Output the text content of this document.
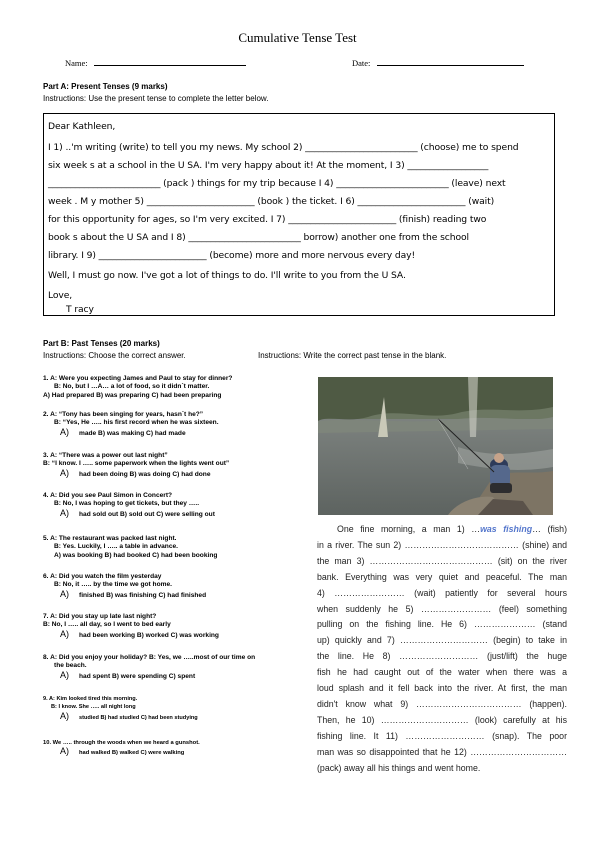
Cumulative Tense Test
Name:	Date:
Part A: Present Tenses (9 marks)
Instructions: Use the present tense to complete the letter below.
Dear Kathleen,
I 1) ..'m writing (write) to tell you my news. My school 2) _________________________ (choose) me to spend
six week s at a school in the U SA. I'm very happy about it! At the moment, I 3) __________________
_________________________ (pack ) things for my trip because I 4) _________________________ (leave) next
week . M y mother 5) ________________________ (book ) the ticket. I 6) ________________________ (wait)
for this opportunity for ages, so I'm very excited. I 7) ________________________ (finish) reading two
book s about the U SA and I 8) _________________________ borrow) another one from the school
library. I 9) ________________________ (become) more and more nervous every day!
Well, I must go now. I've got a lot of things to do. I'll write to you from the U SA.
Love,
T racy
Part B: Past Tenses (20 marks)
Instructions: Choose the correct answer.	Instructions: Write the correct past tense in the blank.
1. A: Were you expecting James and Paul to stay for dinner?
B: No, but I …A… a lot of food, so it didn´t matter.
A) Had prepared B) was preparing C) had been preparing
2. A: “Tony has been singing for years, hasn´t he?”
B: “Yes, He ….. his first record when he was sixteen.
A) made B) was making C) had made
3. A: “There was a power out last night”
B: “I know. I ….. some paperwork when the lights went out”
A) had been doing B) was doing C) had done
4. A: Did you see Paul Simon in Concert?
B: No, I was hoping to get tickets, but they …..
A) had sold out B) sold out C) were selling out
5. A: The restaurant was packed last night.
B: Yes. Luckily, I ….. a table in advance.
A) was booking B) had booked C) had been booking
6. A: Did you watch the film yesterday
B: No, it ….. by the time we got home.
A) finished B) was finishing C) had finished
7. A: Did you stay up late last night?
B: No, I ….. all day, so I went to bed early
A) had been working B) worked C) was working
8. A: Did you enjoy your holiday? B: Yes, we …..most of our time on
the beach.
A) had spent B) were spending C) spent
9. A: Kim looked tired this morning.
B: I know. She ….. all night long
A) studied B) had studied C) had been studying
10. We ….. through the woods when we heard a gunshot.
A) had walked B) walked C) were walking
One fine morning, a man 1) …was fishing… (fish)
in a river. The sun 2) ………………………………… (shine) and
the man 3) …………………………………… (sit) on the river
bank. Everything was very quiet and peaceful. The man
4) …………………… (wait) patiently for several hours
when suddenly he 5) …………………… (feel) something
pulling on the fishing line. He 6) ………………… (stand
up) quickly and 7) ………………………… (begin) to take in
the line. He 8) ……………………… (just/lift) the huge
fish he had caught out of the water when there was a
loud splash and it fell back into the river. At first, the man
didn't know what 9) ……………………………… (happen).
Then, he 10) ………………………… (look) carefully at his
fishing line. It 11) ……………………… (snap). The poor
man was so disappointed that he 12) ……………………………
(pack) away all his things and went home.
